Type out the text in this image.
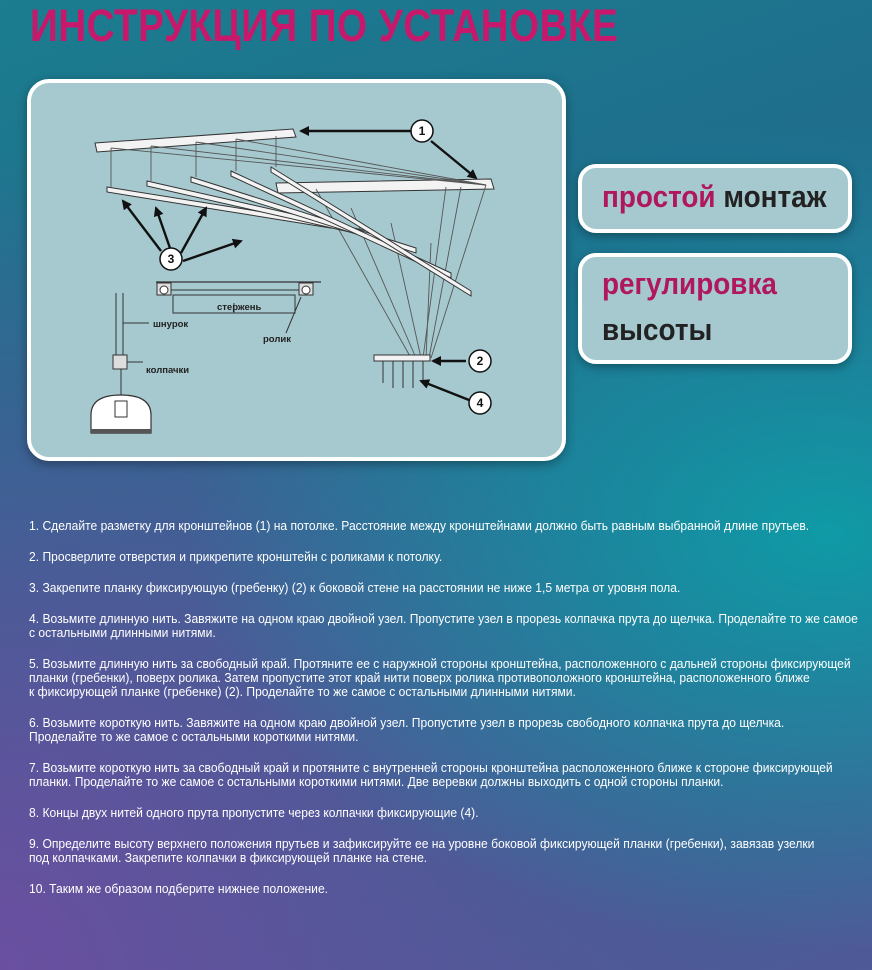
ИНСТРУКЦИЯ ПО УСТАНОВКЕ
стержень
шнурок
ролик
колпачки
1
3
2
4
простой монтаж
регулировка
высоты
1. Сделайте разметку для кронштейнов (1) на потолке. Расстояние между кронштейнами должно быть равным выбранной длине прутьев.
2. Просверлите отверстия и прикрепите кронштейн с роликами к потолку.
3. Закрепите планку фиксирующую (гребенку) (2) к боковой стене на расстоянии не ниже 1,5 метра от уровня пола.
4. Возьмите длинную нить. Завяжите на одном краю двойной узел. Пропустите узел в прорезь колпачка прута до щелчка. Проделайте то же самое
с остальными длинными нитями.
5. Возьмите длинную нить за свободный край. Протяните ее с наружной стороны кронштейна, расположенного с дальней стороны фиксирующей
планки (гребенки), поверх ролика. Затем пропустите этот край нити поверх ролика противоположного кронштейна, расположенного ближе
к фиксирующей планке (гребенке) (2). Проделайте то же самое с остальными длинными нитями.
6. Возьмите короткую нить. Завяжите на одном краю двойной узел. Пропустите узел в прорезь свободного колпачка прута до щелчка.
Проделайте то же самое с остальными короткими нитями.
7. Возьмите короткую нить за свободный край и протяните с внутренней стороны кронштейна расположенного ближе к стороне фиксирующей
планки. Проделайте то же самое с остальными короткими нитями. Две веревки должны выходить с одной стороны планки.
8. Концы двух нитей одного прута пропустите через колпачки фиксирующие (4).
9. Определите высоту верхнего положения прутьев и зафиксируйте ее на уровне боковой фиксирующей планки (гребенки), завязав узелки
под колпачками. Закрепите колпачки в фиксирующей планке на стене.
10. Таким же образом подберите нижнее положение.
